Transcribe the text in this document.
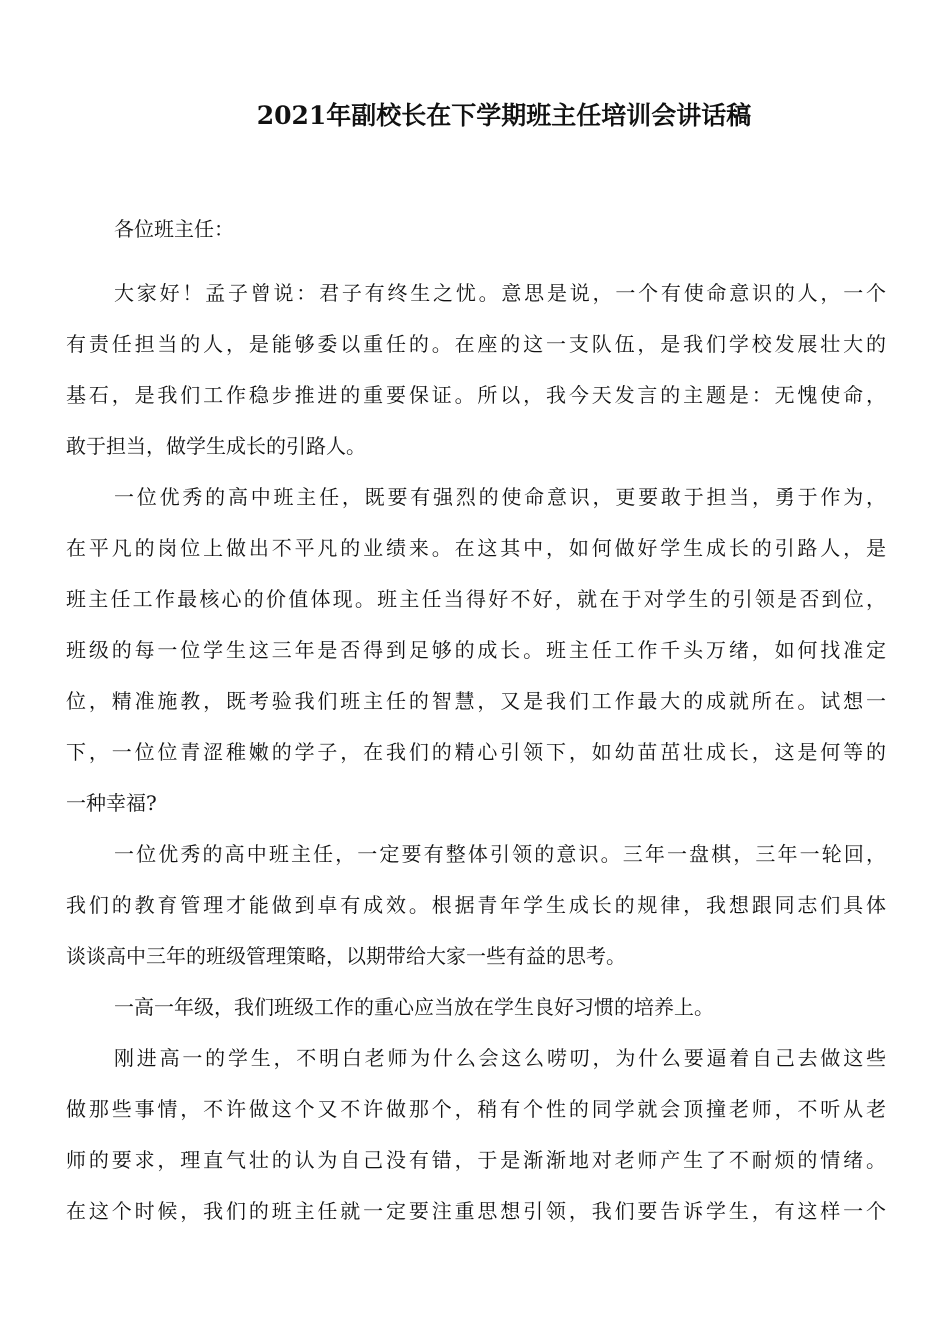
2021年副校长在下学期班主任培训会讲话稿
各位班主任：
大家好！孟子曾说：君子有终生之忧。意思是说，一个有使命意识的人，一个
有责任担当的人，是能够委以重任的。在座的这一支队伍，是我们学校发展壮大的
基石，是我们工作稳步推进的重要保证。所以，我今天发言的主题是：无愧使命，
敢于担当，做学生成长的引路人。
一位优秀的高中班主任，既要有强烈的使命意识，更要敢于担当，勇于作为，
在平凡的岗位上做出不平凡的业绩来。在这其中，如何做好学生成长的引路人，是
班主任工作最核心的价值体现。班主任当得好不好，就在于对学生的引领是否到位，
班级的每一位学生这三年是否得到足够的成长。班主任工作千头万绪，如何找准定
位，精准施教，既考验我们班主任的智慧，又是我们工作最大的成就所在。试想一
下，一位位青涩稚嫩的学子，在我们的精心引领下，如幼苗茁壮成长，这是何等的
一种幸福?
一位优秀的高中班主任，一定要有整体引领的意识。三年一盘棋，三年一轮回，
我们的教育管理才能做到卓有成效。根据青年学生成长的规律，我想跟同志们具体
谈谈高中三年的班级管理策略，以期带给大家一些有益的思考。
一高一年级，我们班级工作的重心应当放在学生良好习惯的培养上。
刚进高一的学生，不明白老师为什么会这么唠叨，为什么要逼着自己去做这些
做那些事情，不许做这个又不许做那个，稍有个性的同学就会顶撞老师，不听从老
师的要求，理直气壮的认为自己没有错，于是渐渐地对老师产生了不耐烦的情绪。
在这个时候，我们的班主任就一定要注重思想引领，我们要告诉学生，有这样一个
